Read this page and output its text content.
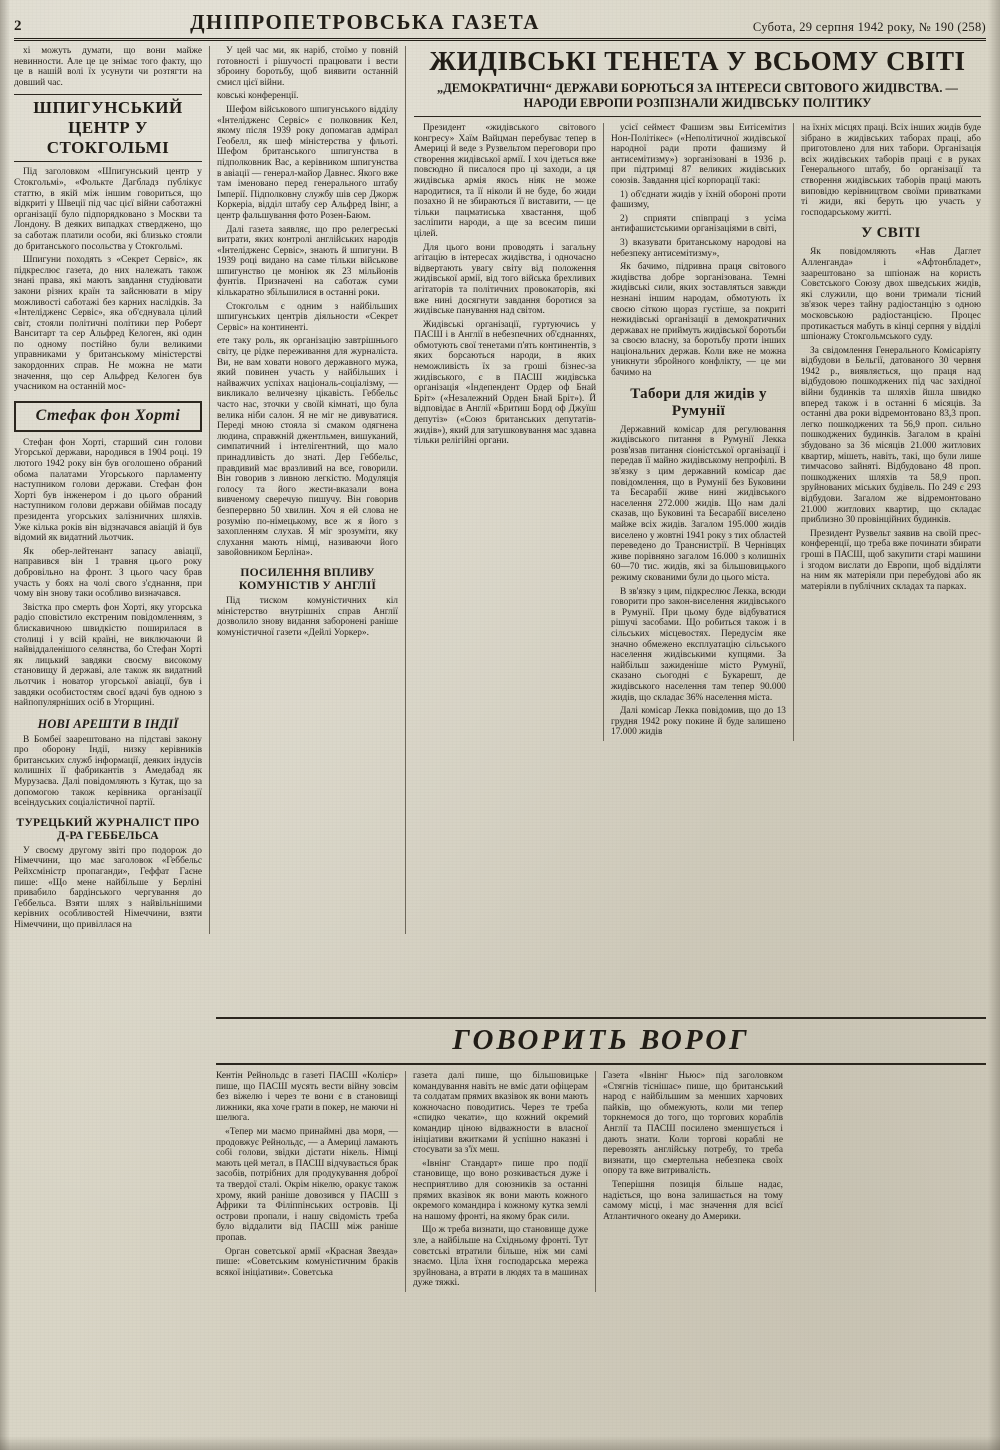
2	ДНІПРОПЕТРОВСЬКА ГАЗЕТА	Субота, 29 серпня 1942 року, № 190 (258)

хі можуть думати, що вони майже невинности. Але це це знімає того факту, що це в нашій волі їх усунути чи розтягти на довший час.

ШПИГУНСЬКИЙ ЦЕНТР У СТОКГОЛЬМІ

Під заголовком «Шпигунський центр у Стокгольмі», «Фолькте Дагбладз публікує статтю, в якій між іншим говориться, що відкриті у Швеції під час цієї війни саботажні організації було підпорядковано з Москви та Лондону. В деяких випадках стверджено, що за саботаж платили особи, які близько стояли до британського посольства у Стокгольмі.

Шпигуни походять з «Секрет Сервіс», як підкреслює газета, до них належать також знані права, які мають завдання студіювати закони різних країн та зайснювати в міру можливості саботажі без карних наслідків. За «Інтелідженс Сервіс», яка об'єднувала цілий світ, стояли політичні політики пер Роберт Ванситарт та сер Альфред Келоген, які один по одному постійно були великими управниками у британському міністерстві закордонних справ. Не можна не мати значення, що сер Альфред Келоген був учасником на останній мос-

Стефак фон Хорті

Стефан фон Хорті, старший син голови Угорської держави, народився в 1904 році. 19 лютого 1942 року він був оголошено обраний обома палатами Угорського парламенту наступником голови держави. Стефан фон Хорті був інженером і до цього обраний наступником голови держави обіймав посаду президента угорських залізничних шляхів. Уже кілька років він відзначався авіацій й був відомий як видатний льотчик.

Як обер-лейтенант запасу авіації, направився він 1 травня цього року добровільно на фронт. З цього часу брав участь у боях на чолі свого з'єднання, при чому він знову таки особливо визначався.

Звістка про смерть фон Хорті, яку угорська радіо сповістило екстреним повідомленням, з блискавичною швидкістю поширилася в столиці і у всій країні, не виключаючи й найвіддаленішого селянства, бо Стефан Хорті як лицький завдяки своєму високому становищу й державі, але також як видатний льотчик і новатор угорської авіації, був і завдяки особистостям своєї вдачі був одною з найпопулярніших осіб в Угорщині.

НОВІ АРЕШТИ В ІНДІЇ

В Бомбеї заарештовано на підставі закону про оборону Індії, низку керівників британських служб інформації, деяких індусів колишніх її фабрикантів з Амедабад як Мурузаєва. Далі повідомляють з Кутак, що за допомогою також керівника організації всеіндуських соціалістичної партії.

ТУРЕЦЬКИЙ ЖУРНАЛІСТ ПРО Д-РА ГЕББЕЛЬСА

У своєму другому звіті про подорож до Німеччини, що має заголовок «Геббельс Рейхсміністр пропаганди», Геффат Гаєне пише: «Що мене найбільше у Берліні привабило бардінського чергування до Геббельса. Взяти шлях з найвільнішими керівних особливостей Німеччини, взяти Німеччини, що привіллася на

У цей час ми, як наріб, стоїмо у повній готовності і рішучості працювати і вести зброину боротьбу, щоб виявити останній смисл цієї війни.

ковські конференції.

Шефом військового шпигунського відділу «Інтелідженс Сервіс» є полковник Кел, якому після 1939 року допомагав адмірал Геобелл, як шеф міністерства у фльоті. Шефом британського шпигунства в підполковник Вас, а керівником шпигунства в авіації — генерал-майор Давнес. Якого вже там іменовано перед генерального штабу Імперії. Підполковну службу шів сер Джорж Коркеріа, відділ штабу сер Альфред Івінг, а центр фальшування фото Розен-Баюм.

Далі газета заявляє, що про релегреські витрати, яких контролі англійських народів «Інтелідженс Сервіс», знають й шпигуни. В 1939 році видано на саме тільки військове шпигунство це моніюк як 23 мільйонів фунтів. Призначені на саботаж суми кількаратно збільшилися в останні роки.

Стокгольм є одним з найбільших шпигунських центрів діяльности «Секрет Сервіс» на континенті.

ете таку роль, як організацію завтрішнього світу, це рідке переживання для журналіста. Ви, не вам ховати нового державного мужа, який повинен участь у найбільших і найважчих успіхах національ-соціалізму, — викликало величезну цікавість. Геббельс часто нас, зточки у своїй кімнаті, що була велика ніби салон. Я не міг не дивуватися. Переді мною стояла зі смаком одягнена людина, справжній джентльмен, вишуканий, симпатичний і інтелігентний, що мало принадливість до знаті. Дер Геббельс, правдивий має вразливий на все, говорили. Він говорив з ливною легкістю. Модуляція голосу та його жести-вказали вона вивченому сверечую пишучу. Він говорив безперервно 50 хвилин. Хоч я ей слова не розумію по-німецькому, все ж я його з захопленням слухав. Я міг зрозуміти, яку слухання мають німці, називаючи його завойовником Берліна».

ПОСИЛЕННЯ ВПЛИВУ КОМУНІСТІВ У АНГЛІЇ

Під тиском комуністичних кіл міністерство внутрішніх справ Англії дозволило знову видання заборонені раніше комуністичної газети «Дейлі Уоркер».

ЖИДІВСЬКІ ТЕНЕТА У ВСЬОМУ СВІТІ
„ДЕМОКРАТИЧНІ“ ДЕРЖАВИ БОРЮТЬСЯ ЗА ІНТЕРЕСИ СВІТОВОГО ЖИДІВСТВА. — НАРОДИ ЕВРОПИ РОЗПІЗНАЛИ ЖИДІВСЬКУ ПОЛІТИКУ

Президент «жидівського світового конгресу» Хаїм Вайцман перебуває тепер в Америці й веде з Рузвельтом переговори про створення жидівської армії. І хоч ідеться вже повсюдно й писалося про ці заходи, а ця жидівська армія якось ніяк не може народитися, та її ніколи й не буде, бо жиди позахно й не збираються її виставити, — це тільки пацматиська хвастання, щоб засліпити народи, а ще за всесим пиши цілей.

Для цього вони проводять і загальну агітацію в інтересах жидівства, і одночасно відвертають увагу світу від положення жидівської армії, від того війська брехливих агітаторів та політичних провокаторів, які вже нині досягнути завдання боротися за жидівське панування над світом.

Жидівські організації, гуртуючись у ПАСШ і в Англії в небезпечних об'єднаннях, обмотують свої тенетами п'ять континентів, з яких борсаються народи, в яких неможливість їх за гроші бізнес-за жидівського, є в ПАСШ жидівська організація «Індепендент Ордер оф Бнай Бріт» («Незалежний Орден Бнай Бріт»). Й відповідає в Англії «Бритиш Борд оф Джуїш депутіз» («Союз британських депутатів-жидів»), який для затушковування мас здавна тільки релігійні органи.

усієї сеймеєт Фашизм эвы Еитісемітиз Нон-Політікеє» («Неполітичної жидівської народної ради проти фашизму й антисемітизму») зорганізовані в 1936 р. при підтримці 87 великих жидівських союзів. Завдання цієї корпорації такі:

1) об'єднати жидів у їхній обороні проти фашизму,

2) сприяти співпраці з усіма антифашистськими організаціями в світі,

3) вказувати британському народові на небезпеку антисемітизму»,

Як бачимо, підривна праця світового жидівства добре зорганізована. Темні жидівські сили, яких зоставляться завжди незнані іншим народам, обмотують їх своєю сіткою щораз густіше, за покриті нежидівські організації в демократичних державах не приймуть жидівської боротьби за своєю власну, за боротьбу проти інших національних держав. Коли вже не можна уникнути збройного конфлікту, — це ми бачимо на

Табори для жидів у Румунії

Державний комісар для регулювання жидівського питання в Румунії Лекка розв'язав питання сіоністської організації і передав її майно жидівському непрофілі. В зв'язку з цим державний комісар дає повідомлення, що в Румунії без Буковини та Бесарабії живе нині жидівського населення 272.000 жидів. Що нам далі сказав, що Буковині та Бесарабії виселено майже всіх жидів. Загалом 195.000 жидів виселено у жовтні 1941 року з тих областей переведено до Транснистрії. В Чернівцях живе порівняно загалом 16.000 з колишніх 60—70 тис. жидів, які за більшовицького режиму скованими були до цього міста.

В зв'язку з цим, підкреслює Лекка, всюди говорити про закон-виселення жидівського в Румунії. При цьому буде відбуватися рішучі засобами. Що робиться також і в сільських місцевостях. Передусім яке значно обмежено експлуатацію сільського населення жидівськими купцями. За найбільш зажиденіше місто Румунії, сказано сьогодні є Букарешт, де жидівського населення там тепер 90.000 жидів, що складає 36% населення міста.

Далі комісар Лекка повідомив, що до 13 грудня 1942 року покине й буде залишено 17.000 жидів

на їхніх місцях праці. Всіх інших жидів буде зібрано в жидівських таборах праці, або приготовлено для них табори. Організація всіх жидівських таборів праці є в руках Генерального штабу, бо організації та створення жидівських таборів праці мають виповідю керівництвом своїми приватками ті жиди, які беруть цю участь у господарському житті.

У СВІТІ

Як повідомляють «Нав Даглет Алленганда» і «Афтонбладет», заарештовано за шпіонаж на користь Совєтського Союзу двох шведських жидів, які служили, що вони тримали тісний зв'язок через тайну радіостанцію з одною московською радіостанцією. Процес протикається мабуть в кінці серпня у відділі шпіонажу Стокгольмського суду.

За свідомлення Генерального Комісаріяту відбудови в Бельгії, датованого 30 червня 1942 р., виявляється, що праця над відбудовою пошкоджених під час західної війни будинків та шляхів йшла швидко вперед також і в останні 6 місяців. За останні два роки відремонтовано 83,3 проп. легко пошкоджених та 56,9 проп. сильно пошкоджених будинків. Загалом в країні збудовано за 36 місяців 21.000 житлових квартир, мішеть, навіть, такі, що були лише тимчасово зайняті. Відбудовано 48 проп. пошкоджених шляхів та 58,9 проп. зруйнованих міських будівель. По 249 є 293 відбудови. Загалом же відремонтовано 21.000 житлових квартир, що складає приблизно 30 провінційних будинків.

Президент Рузвельт заявив на своїй прес-конференції, що треба вже починати збирати гроші в ПАСШ, щоб закупити старі машини і згодом вислати до Европи, щоб відділяти на ним як матеріяли при перебудові або як матеріяли в публічних складах та парках.

ГОВОРИТЬ ВОРОГ

Кентін Рейнольдс в газеті ПАСШ «Колієр» пише, що ПАСШ мусять вести війну зовсім без віжелю і через те вони є в становищі лижники, яка хоче грати в покер, не маючи ні шелюга.

«Тепер ми маємо принаймні два моря, — продовжує Рейнольдс, — а Америці ламають собі голови, звідки дістати нікель. Німці мають цей метал, в ПАСШ відчувається брак засобів, потрібних для продукування доброї та твердої сталі. Окрім нікелю, оракує також хрому, який раніше довозився у ПАСШ з Африки та Філіппінських островів. Ці острови пропали, і нашу свідомість треба було віддалити від ПАСШ між раніше пропав.

Орган советської армії «Красная Звезда» пише: «Советським комуністичним браків всякої ініціативи». Советська

газета далі пише, що більшовицьке командування навіть не вміє дати офіцерам та солдатам прямих вказівок як вони мають кожночасно поводитись. Через те треба «спидко чекати», що кожний окремий командир ціною відважности в власної ініціативи вжитками й успішно наказні і стосувати за з'їх меш.

«Івнінг Стандарт» пише про події становище, що воно розкивається дуже і несприятливо для союзників за останні прямих вказівок як вони мають кожного окремого командира і кожному кутка землі на нашому фронті, на якому брак сили.

Що ж треба визнати, що становище дуже зле, а найбільше на Східньому фронті. Тут совєтські втратили більше, ніж ми самі знаємо. Ціла їхня господарська мережа зруйнована, а втрати в людях та в машинах дуже тяжкі.

Газета «Івнінг Ньюс» під заголовком «Стягнів тіснішає» пише, що британський народ є найбільшим за менших харчових пайків, що обмежують, коли ми тепер торкнемося до того, що торгових кораблів Англії та ПАСШ посилено зменшується і дають знати. Коли торгові кораблі не перевозять англійську потребу, то треба визнати, що смертельна небезпека своїх опору та вже витривалість.

Теперішня позиція більше надає, надіється, що вона залишається на тому самому місці, і має значення для всієї Атлантичного океану до Америки.
